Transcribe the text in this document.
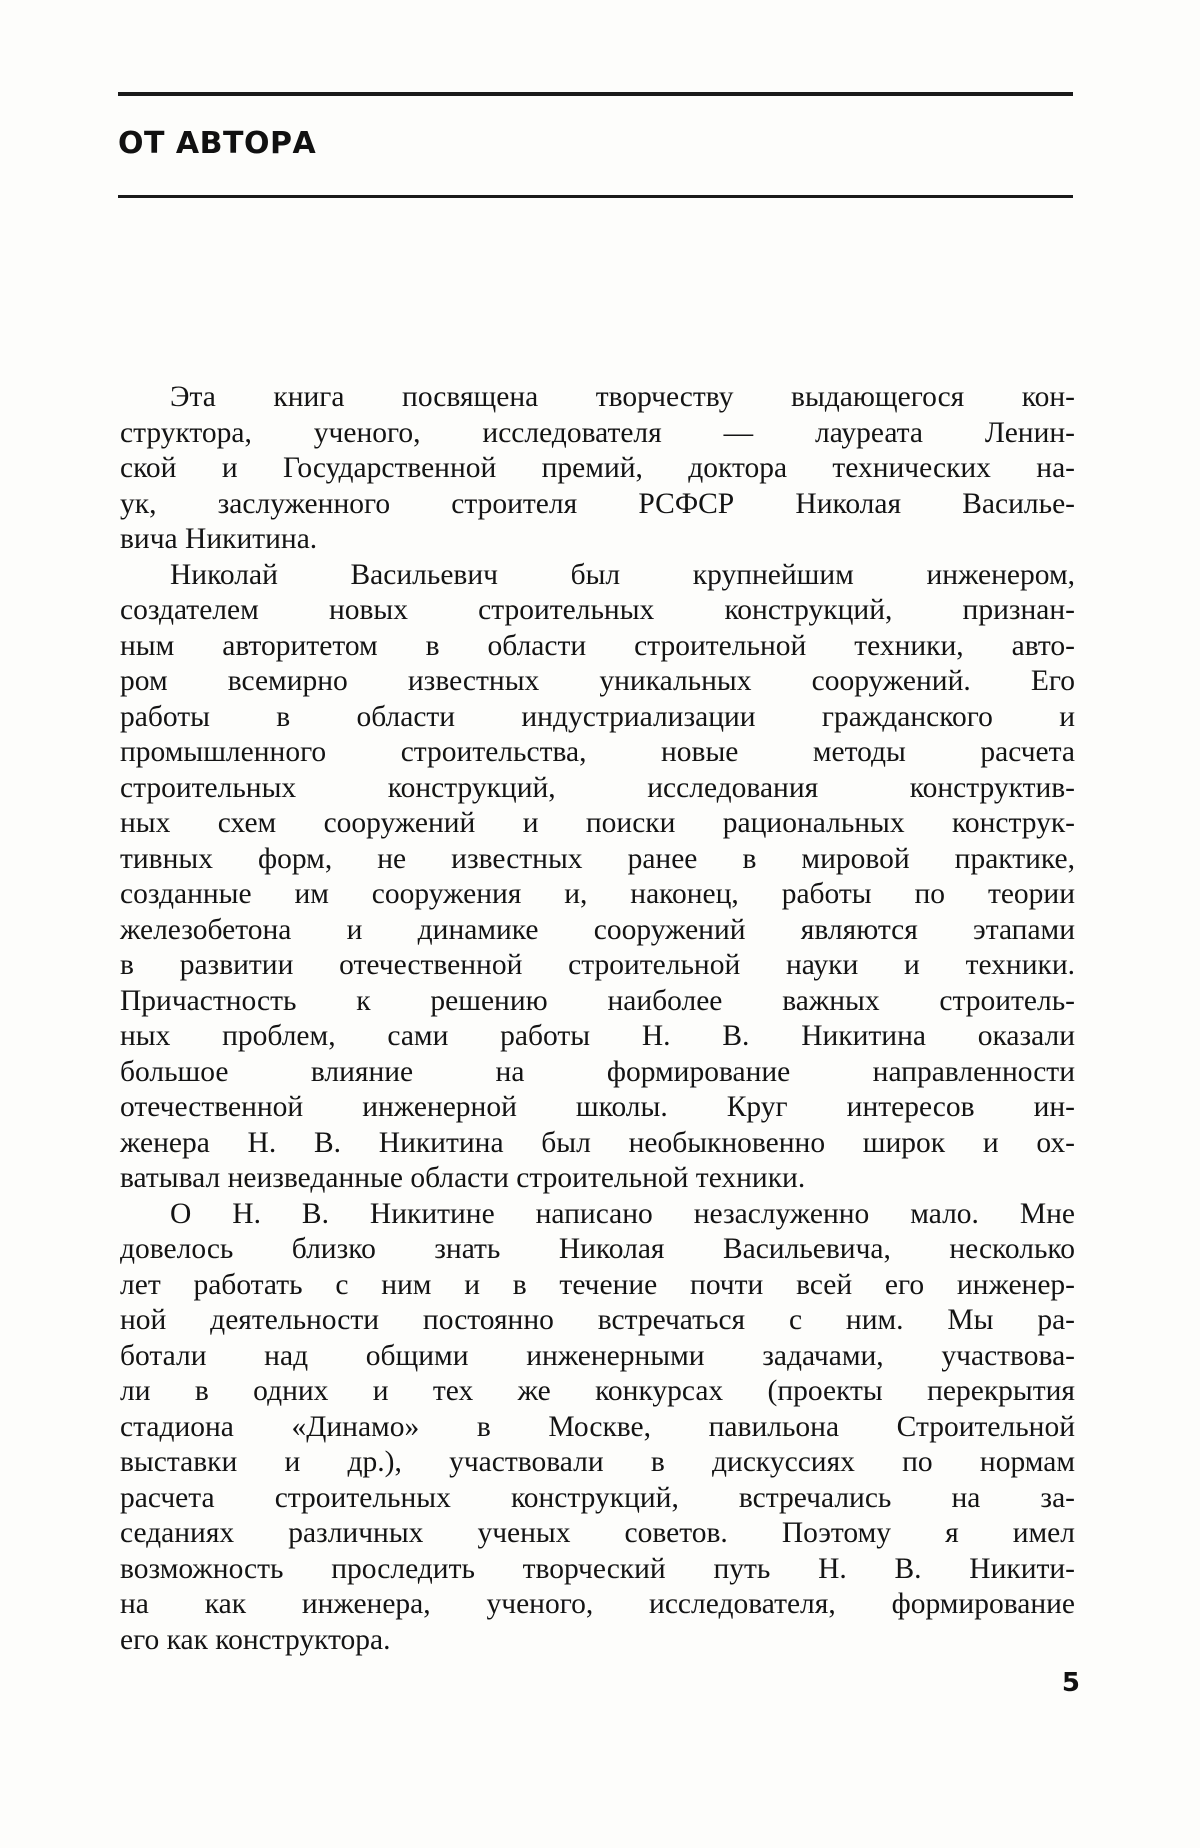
ОТ АВТОРА
Эта книга посвящена творчеству выдающегося кон-
структора, ученого, исследователя — лауреата Ленин-
ской и Государственной премий, доктора технических на-
ук, заслуженного строителя РСФСР Николая Василье-
вича Никитина.
Николай Васильевич был крупнейшим инженером,
создателем новых строительных конструкций, признан-
ным авторитетом в области строительной техники, авто-
ром всемирно известных уникальных сооружений. Его
работы в области индустриализации гражданского и
промышленного строительства, новые методы расчета
строительных конструкций, исследования конструктив-
ных схем сооружений и поиски рациональных конструк-
тивных форм, не известных ранее в мировой практике,
созданные им сооружения и, наконец, работы по теории
железобетона и динамике сооружений являются этапами
в развитии отечественной строительной науки и техники.
Причастность к решению наиболее важных строитель-
ных проблем, сами работы Н. В. Никитина оказали
большое влияние на формирование направленности
отечественной инженерной школы. Круг интересов ин-
женера Н. В. Никитина был необыкновенно широк и ох-
ватывал неизведанные области строительной техники.
О Н. В. Никитине написано незаслуженно мало. Мне
довелось близко знать Николая Васильевича, несколько
лет работать с ним и в течение почти всей его инженер-
ной деятельности постоянно встречаться с ним. Мы ра-
ботали над общими инженерными задачами, участвова-
ли в одних и тех же конкурсах (проекты перекрытия
стадиона «Динамо» в Москве, павильона Строительной
выставки и др.), участвовали в дискуссиях по нормам
расчета строительных конструкций, встречались на за-
седаниях различных ученых советов. Поэтому я имел
возможность проследить творческий путь Н. В. Никити-
на как инженера, ученого, исследователя, формирование
его как конструктора.
5
